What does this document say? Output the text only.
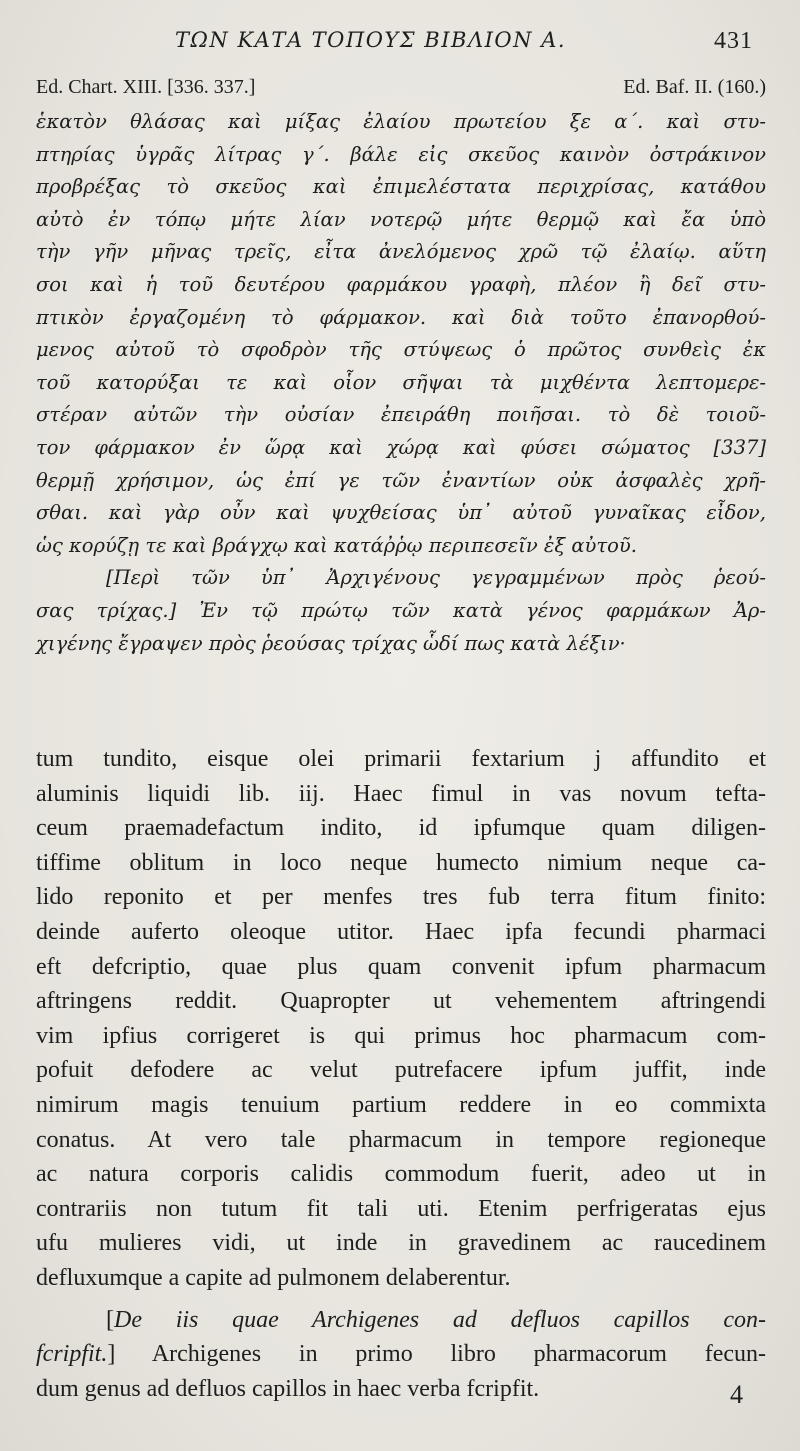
ΤΩΝ ΚΑΤΑ ΤΟΠΟΥΣ ΒΙΒΛΙΟΝ Α.	431
Ed. Chart. XIII. [336. 337.]	Ed. Baf. II. (160.)
ἑκατὸν θλάσας καὶ μίξας ἐλαίου πρωτείου ξε α΄. καὶ στυ-
πτηρίας ὑγρᾶς λίτρας γ΄. βάλε εἰς σκεῦος καινὸν ὀστράκινον
προβρέξας τὸ σκεῦος καὶ ἐπιμελέστατα περιχρίσας, κατάθου
αὐτὸ ἐν τόπῳ μήτε λίαν νοτερῷ μήτε θερμῷ καὶ ἔα ὑπὸ
τὴν γῆν μῆνας τρεῖς, εἶτα ἀνελόμενος χρῶ τῷ ἐλαίῳ. αὕτη
σοι καὶ ἡ τοῦ δευτέρου φαρμάκου γραφὴ, πλέον ἢ δεῖ στυ-
πτικὸν ἐργαζομένη τὸ φάρμακον. καὶ διὰ τοῦτο ἐπανορθού-
μενος αὐτοῦ τὸ σφοδρὸν τῆς στύψεως ὁ πρῶτος συνθεὶς ἐκ
τοῦ κατορύξαι τε καὶ οἷον σῆψαι τὰ μιχθέντα λεπτομερε-
στέραν αὐτῶν τὴν οὐσίαν ἐπειράθη ποιῆσαι. τὸ δὲ τοιοῦ-
τον φάρμακον ἐν ὥρᾳ καὶ χώρᾳ καὶ φύσει σώματος [337]
θερμῇ χρήσιμον, ὡς ἐπί γε τῶν ἐναντίων οὐκ ἀσφαλὲς χρῆ-
σθαι. καὶ γὰρ οὖν καὶ ψυχθείσας ὑπ᾽ αὐτοῦ γυναῖκας εἶδον,
ὡς κορύζῃ τε καὶ βράγχῳ καὶ κατάῤῥῳ περιπεσεῖν ἐξ αὐτοῦ.
[Περὶ τῶν ὑπ᾽ Ἀρχιγένους γεγραμμένων πρὸς ῥεού-
σας τρίχας.] Ἐν τῷ πρώτῳ τῶν κατὰ γένος φαρμάκων Ἀρ-
χιγένης ἔγραψεν πρὸς ῥεούσας τρίχας ὧδί πως κατὰ λέξιν·
tum tundito, eisque olei primarii fextarium j affundito et
aluminis liquidi lib. iij. Haec fimul in vas novum tefta-
ceum praemadefactum indito, id ipfumque quam diligen-
tiffime oblitum in loco neque humecto nimium neque ca-
lido reponito et per menfes tres fub terra fitum finito:
deinde auferto oleoque utitor. Haec ipfa fecundi pharmaci
eft defcriptio, quae plus quam convenit ipfum pharmacum
aftringens reddit. Quapropter ut vehementem aftringendi
vim ipfius corrigeret is qui primus hoc pharmacum com-
pofuit defodere ac velut putrefacere ipfum juffit, inde
nimirum magis tenuium partium reddere in eo commixta
conatus. At vero tale pharmacum in tempore regioneque
ac natura corporis calidis commodum fuerit, adeo ut in
contrariis non tutum fit tali uti. Etenim perfrigeratas ejus
ufu mulieres vidi, ut inde in gravedinem ac raucedinem
defluxumque a capite ad pulmonem delaberentur.
[De iis quae Archigenes ad defluos capillos con-
fcripfit.] Archigenes in primo libro pharmacorum fecun-
dum genus ad defluos capillos in haec verba fcripfit.	4
